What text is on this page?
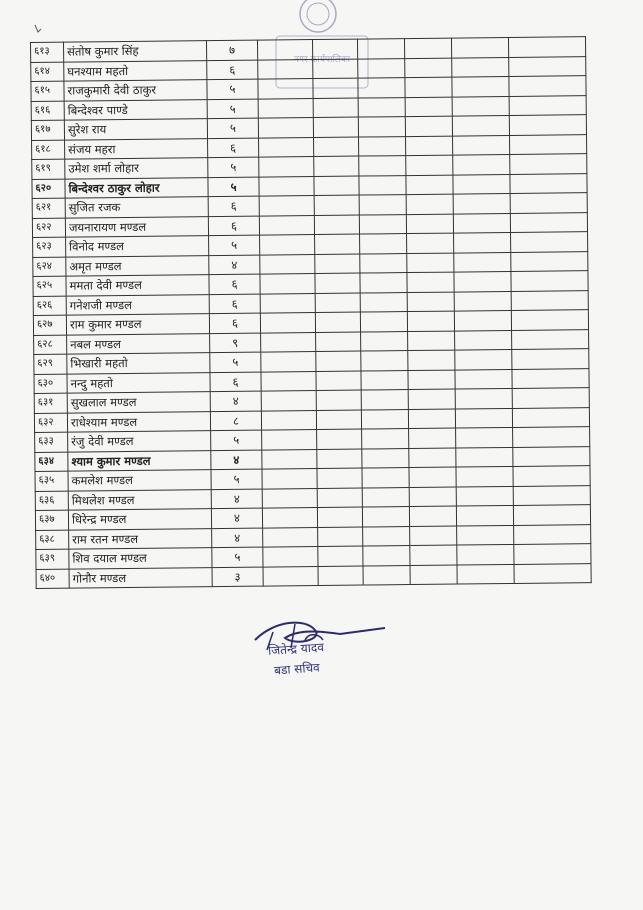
नगर कार्यपालिका
६१३	संतोष कुमार सिंह	७						
६१४	घनश्याम महतो	६						
६१५	राजकुमारी देवी ठाकुर	५						
६१६	बिन्देश्वर पाण्डे	५						
६१७	सुरेश राय	५						
६१८	संजय महरा	६						
६१९	उमेश शर्मा लोहार	५						
६२०	बिन्देश्वर ठाकुर लोहार	५						
६२१	सुजित रजक	६						
६२२	जयनारायण मण्डल	६						
६२३	विनोद मण्डल	५						
६२४	अमृत मण्डल	४						
६२५	ममता देवी मण्डल	६						
६२६	गनेशजी मण्डल	६						
६२७	राम कुमार मण्डल	६						
६२८	नबल मण्डल	९						
६२९	भिखारी महतो	५						
६३०	नन्दु महतो	६						
६३१	सुखलाल मण्डल	४						
६३२	राधेश्याम मण्डल	८						
६३३	रंजु देवी मण्डल	५						
६३४	श्याम कुमार मण्डल	४						
६३५	कमलेश मण्डल	५						
६३६	मिथलेश मण्डल	४						
६३७	धिरेन्द्र मण्डल	४						
६३८	राम रतन मण्डल	४						
६३९	शिव दयाल मण्डल	५						
६४०	गोनौर मण्डल	३						
जितेन्द्र यादव
बडा सचिव
